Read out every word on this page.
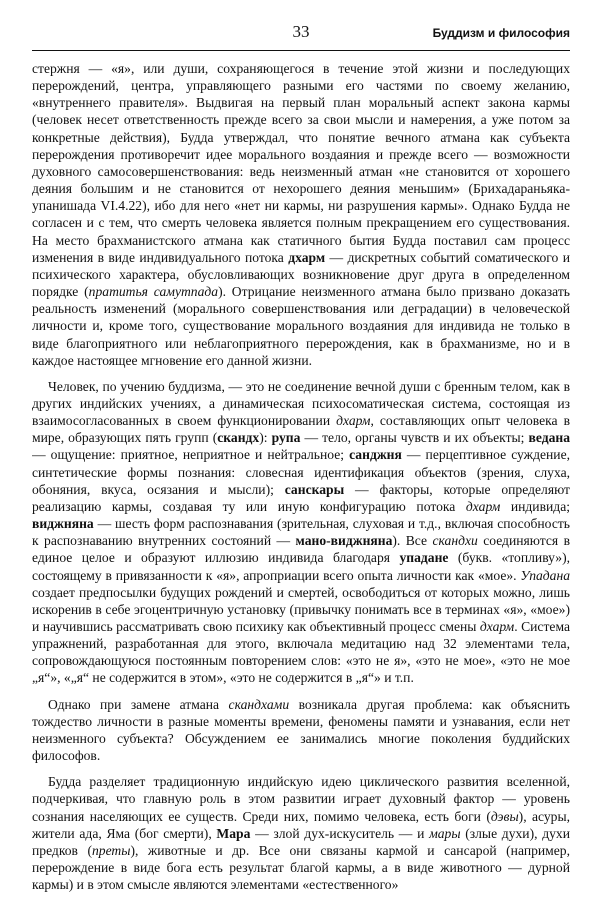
33	Буддизм и философия

стержня — «я», или души, сохраняющегося в течение этой жизни и последующих перерождений, центра, управляющего разными его частями по своему желанию, «внутреннего правителя». Выдвигая на первый план моральный аспект закона кармы (человек несет ответственность прежде всего за свои мысли и намерения, а уже потом за конкретные действия), Будда утверждал, что понятие вечного атмана как субъекта перерождения противоречит идее морального воздаяния и прежде всего — возможности духовного самосовершенствования: ведь неизменный атман «не становится от хорошего деяния большим и не становится от нехорошего деяния меньшим» (Брихадараньяка-упанишада VI.4.22), ибо для него «нет ни кармы, ни разрушения кармы». Однако Будда не согласен и с тем, что смерть человека является полным прекращением его существования. На место брахманистского атмана как статичного бытия Будда поставил сам процесс изменения в виде индивидуального потока дхарм — дискретных событий соматического и психического характера, обусловливающих возникновение друг друга в определенном порядке (пратитья самутпада). Отрицание неизменного атмана было призвано доказать реальность изменений (морального совершенствования или деградации) в человеческой личности и, кроме того, существование морального воздаяния для индивида не только в виде благоприятного или неблагоприятного перерождения, как в брахманизме, но и в каждое настоящее мгновение его данной жизни.

Человек, по учению буддизма, — это не соединение вечной души с бренным телом, как в других индийских учениях, а динамическая психосоматическая система, состоящая из взаимосогласованных в своем функционировании дхарм, составляющих опыт человека в мире, образующих пять групп (скандх): рупа — тело, органы чувств и их объекты; ведана — ощущение: приятное, неприятное и нейтральное; санджня — перцептивное суждение, синтетические формы познания: словесная идентификация объектов (зрения, слуха, обоняния, вкуса, осязания и мысли); санскары — факторы, которые определяют реализацию кармы, создавая ту или иную конфигурацию потока дхарм индивида; виджняна — шесть форм распознавания (зрительная, слуховая и т.д., включая способность к распознаванию внутренних состояний — мано-виджняна). Все скандхи соединяются в единое целое и образуют иллюзию индивида благодаря упадане (букв. «топливу»), состоящему в привязанности к «я», апроприации всего опыта личности как «мое». Упадана создает предпосылки будущих рождений и смертей, освободиться от которых можно, лишь искоренив в себе эгоцентричную установку (привычку понимать все в терминах «я», «мое») и научившись рассматривать свою психику как объективный процесс смены дхарм. Система упражнений, разработанная для этого, включала медитацию над 32 элементами тела, сопровождающуюся постоянным повторением слов: «это не я», «это не мое», «это не мое „я“», «„я“ не содержится в этом», «это не содержится в „я“» и т.п.

Однако при замене атмана скандхами возникала другая проблема: как объяснить тождество личности в разные моменты времени, феномены памяти и узнавания, если нет неизменного субъекта? Обсуждением ее занимались многие поколения буддийских философов.

Будда разделяет традиционную индийскую идею циклического развития вселенной, подчеркивая, что главную роль в этом развитии играет духовный фактор — уровень сознания населяющих ее существ. Среди них, помимо человека, есть боги (дэвы), асуры, жители ада, Яма (бог смерти), Мара — злой дух-искуситель — и мары (злые духи), духи предков (преты), животные и др. Все они связаны кармой и сансарой (например, перерождение в виде бога есть результат благой кармы, а в виде животного — дурной кармы) и в этом смысле являются элементами «естественного»
